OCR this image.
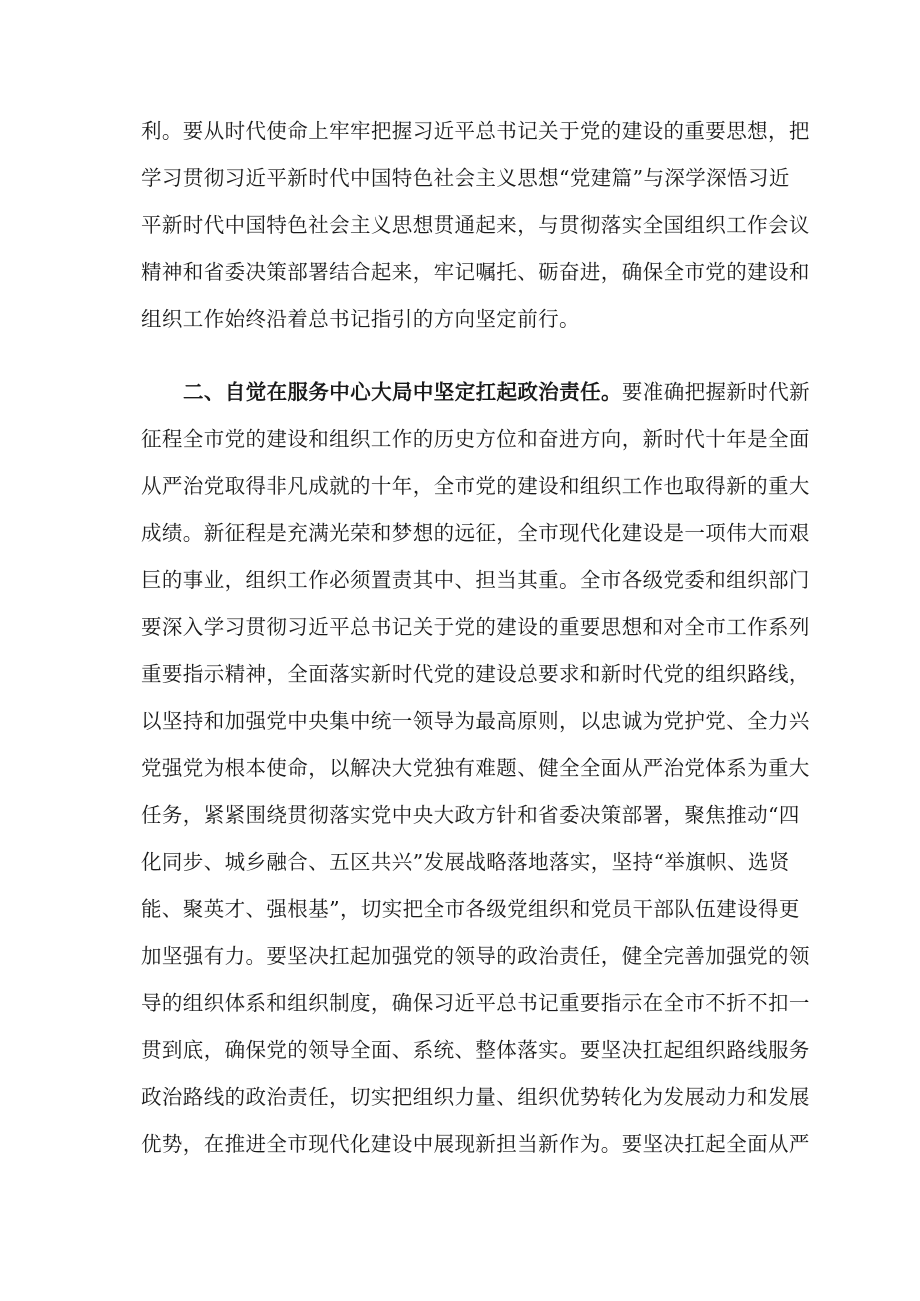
利。要从时代使命上牢牢把握习近平总书记关于党的建设的重要思想，把
学习贯彻习近平新时代中国特色社会主义思想“党建篇”与深学深悟习近
平新时代中国特色社会主义思想贯通起来，与贯彻落实全国组织工作会议
精神和省委决策部署结合起来，牢记嘱托、砺奋进，确保全市党的建设和
组织工作始终沿着总书记指引的方向坚定前行。
二、自觉在服务中心大局中坚定扛起政治责任。要准确把握新时代新
征程全市党的建设和组织工作的历史方位和奋进方向，新时代十年是全面
从严治党取得非凡成就的十年，全市党的建设和组织工作也取得新的重大
成绩。新征程是充满光荣和梦想的远征，全市现代化建设是一项伟大而艰
巨的事业，组织工作必须置责其中、担当其重。全市各级党委和组织部门
要深入学习贯彻习近平总书记关于党的建设的重要思想和对全市工作系列
重要指示精神，全面落实新时代党的建设总要求和新时代党的组织路线，
以坚持和加强党中央集中统一领导为最高原则，以忠诚为党护党、全力兴
党强党为根本使命，以解决大党独有难题、健全全面从严治党体系为重大
任务，紧紧围绕贯彻落实党中央大政方针和省委决策部署，聚焦推动“四
化同步、城乡融合、五区共兴”发展战略落地落实，坚持“举旗帜、选贤
能、聚英才、强根基”，切实把全市各级党组织和党员干部队伍建设得更
加坚强有力。要坚决扛起加强党的领导的政治责任，健全完善加强党的领
导的组织体系和组织制度，确保习近平总书记重要指示在全市不折不扣一
贯到底，确保党的领导全面、系统、整体落实。要坚决扛起组织路线服务
政治路线的政治责任，切实把组织力量、组织优势转化为发展动力和发展
优势，在推进全市现代化建设中展现新担当新作为。要坚决扛起全面从严
